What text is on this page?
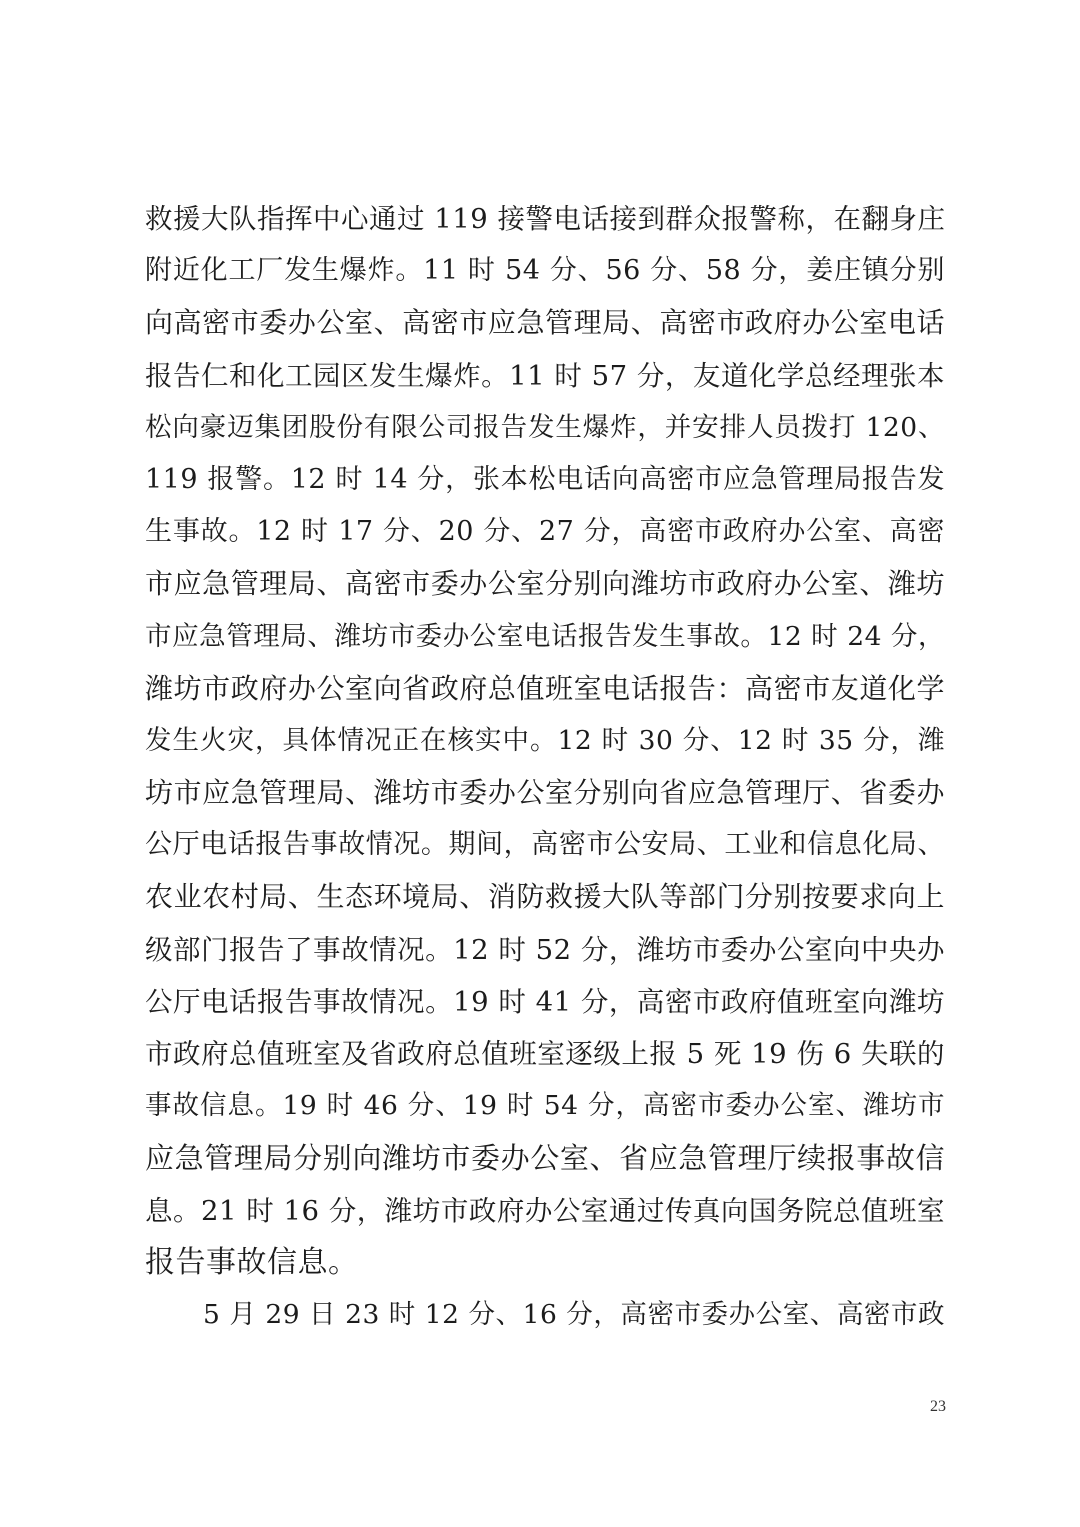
救援大队指挥中心通过 119 接警电话接到群众报警称，在翻身庄
附近化工厂发生爆炸。11 时 54 分、56 分、58 分，姜庄镇分别
向高密市委办公室、高密市应急管理局、高密市政府办公室电话
报告仁和化工园区发生爆炸。11 时 57 分，友道化学总经理张本
松向豪迈集团股份有限公司报告发生爆炸，并安排人员拨打 120、
119 报警。12 时 14 分，张本松电话向高密市应急管理局报告发
生事故。12 时 17 分、20 分、27 分，高密市政府办公室、高密
市应急管理局、高密市委办公室分别向潍坊市政府办公室、潍坊
市应急管理局、潍坊市委办公室电话报告发生事故。12 时 24 分，
潍坊市政府办公室向省政府总值班室电话报告：高密市友道化学
发生火灾，具体情况正在核实中。12 时 30 分、12 时 35 分，潍
坊市应急管理局、潍坊市委办公室分别向省应急管理厅、省委办
公厅电话报告事故情况。期间，高密市公安局、工业和信息化局、
农业农村局、生态环境局、消防救援大队等部门分别按要求向上
级部门报告了事故情况。12 时 52 分，潍坊市委办公室向中央办
公厅电话报告事故情况。19 时 41 分，高密市政府值班室向潍坊
市政府总值班室及省政府总值班室逐级上报 5 死 19 伤 6 失联的
事故信息。19 时 46 分、19 时 54 分，高密市委办公室、潍坊市
应急管理局分别向潍坊市委办公室、省应急管理厅续报事故信
息。21 时 16 分，潍坊市政府办公室通过传真向国务院总值班室
报告事故信息。
5 月 29 日 23 时 12 分、16 分，高密市委办公室、高密市政
23
